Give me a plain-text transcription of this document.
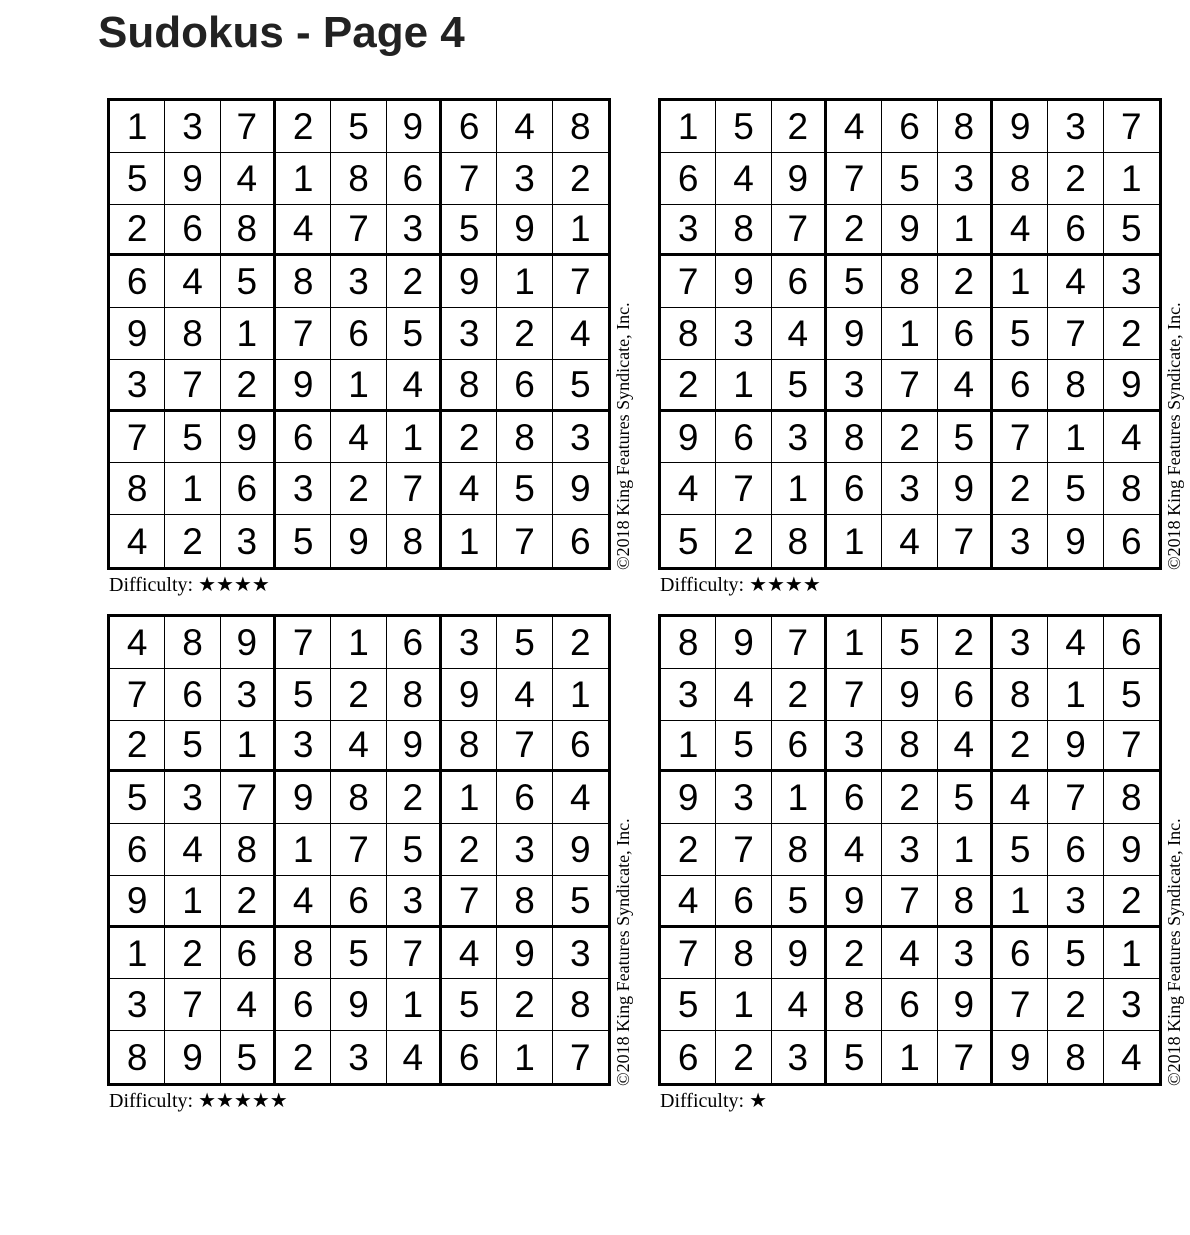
Sudokus - Page 4
1 3 7 2 5 9 6 4 8
5 9 4 1 8 6 7 3 2
2 6 8 4 7 3 5 9 1
6 4 5 8 3 2 9 1 7
9 8 1 7 6 5 3 2 4
3 7 2 9 1 4 8 6 5
7 5 9 6 4 1 2 8 3
8 1 6 3 2 7 4 5 9
4 2 3 5 9 8 1 7 6
Difficulty: ★★★★
©2018 King Features Syndicate, Inc.
1 5 2 4 6 8 9 3 7
6 4 9 7 5 3 8 2 1
3 8 7 2 9 1 4 6 5
7 9 6 5 8 2 1 4 3
8 3 4 9 1 6 5 7 2
2 1 5 3 7 4 6 8 9
9 6 3 8 2 5 7 1 4
4 7 1 6 3 9 2 5 8
5 2 8 1 4 7 3 9 6
Difficulty: ★★★★
©2018 King Features Syndicate, Inc.
4 8 9 7 1 6 3 5 2
7 6 3 5 2 8 9 4 1
2 5 1 3 4 9 8 7 6
5 3 7 9 8 2 1 6 4
6 4 8 1 7 5 2 3 9
9 1 2 4 6 3 7 8 5
1 2 6 8 5 7 4 9 3
3 7 4 6 9 1 5 2 8
8 9 5 2 3 4 6 1 7
Difficulty: ★★★★★
©2018 King Features Syndicate, Inc.
8 9 7 1 5 2 3 4 6
3 4 2 7 9 6 8 1 5
1 5 6 3 8 4 2 9 7
9 3 1 6 2 5 4 7 8
2 7 8 4 3 1 5 6 9
4 6 5 9 7 8 1 3 2
7 8 9 2 4 3 6 5 1
5 1 4 8 6 9 7 2 3
6 2 3 5 1 7 9 8 4
Difficulty: ★
©2018 King Features Syndicate, Inc.
